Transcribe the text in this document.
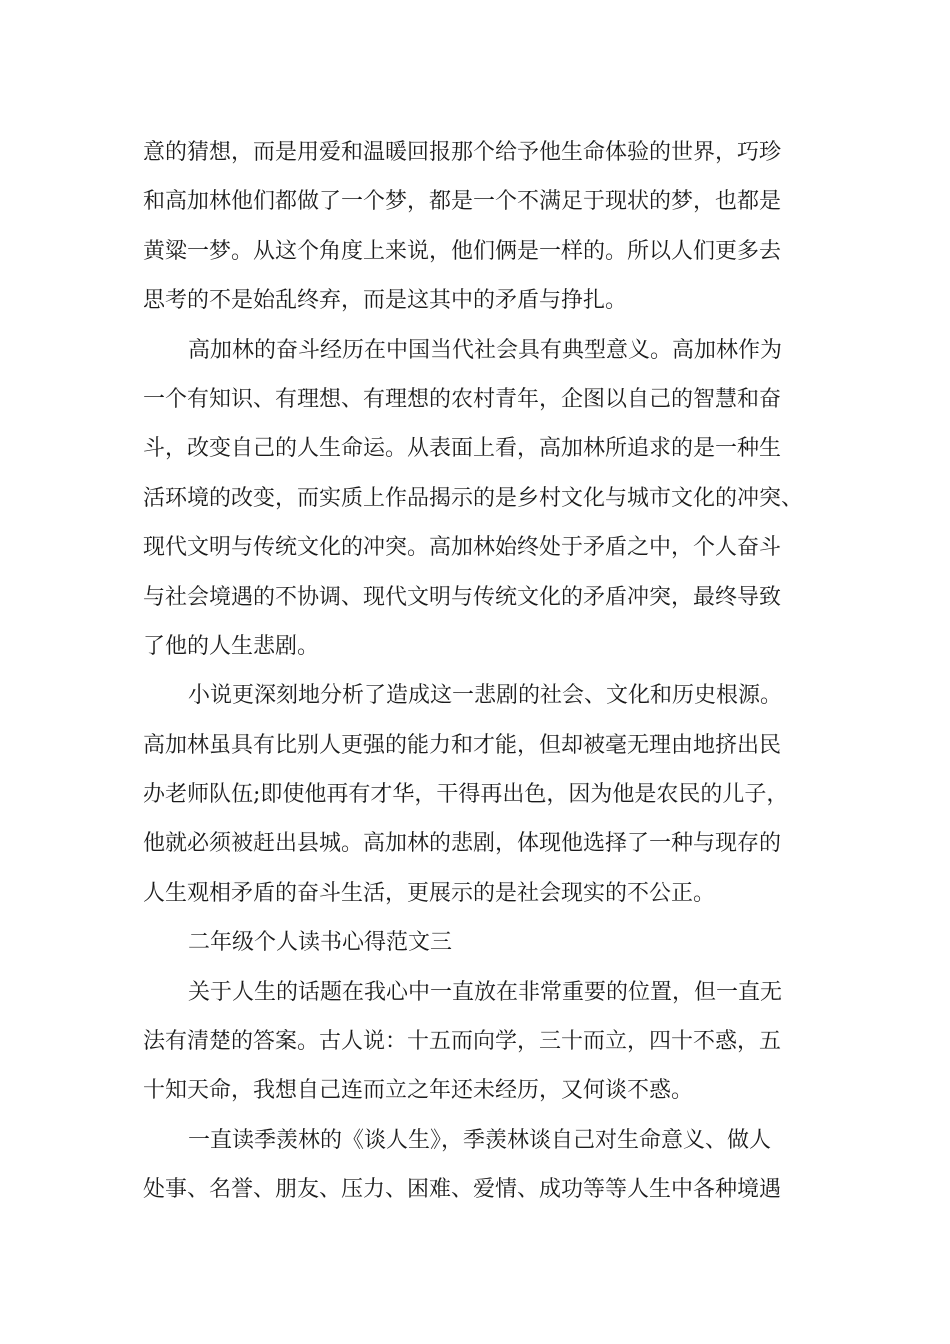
意的猜想，而是用爱和温暖回报那个给予他生命体验的世界，巧珍
和高加林他们都做了一个梦，都是一个不满足于现状的梦，也都是
黄粱一梦。从这个角度上来说，他们俩是一样的。所以人们更多去
思考的不是始乱终弃，而是这其中的矛盾与挣扎。
高加林的奋斗经历在中国当代社会具有典型意义。高加林作为
一个有知识、有理想、有理想的农村青年，企图以自己的智慧和奋
斗，改变自己的人生命运。从表面上看，高加林所追求的是一种生
活环境的改变，而实质上作品揭示的是乡村文化与城市文化的冲突、
现代文明与传统文化的冲突。高加林始终处于矛盾之中，个人奋斗
与社会境遇的不协调、现代文明与传统文化的矛盾冲突，最终导致
了他的人生悲剧。
小说更深刻地分析了造成这一悲剧的社会、文化和历史根源。
高加林虽具有比别人更强的能力和才能，但却被毫无理由地挤出民
办老师队伍;即使他再有才华，干得再出色，因为他是农民的儿子，
他就必须被赶出县城。高加林的悲剧，体现他选择了一种与现存的
人生观相矛盾的奋斗生活，更展示的是社会现实的不公正。
二年级个人读书心得范文三
关于人生的话题在我心中一直放在非常重要的位置，但一直无
法有清楚的答案。古人说：十五而向学，三十而立，四十不惑，五
十知天命，我想自己连而立之年还未经历，又何谈不惑。
一直读季羡林的《谈人生》，季羡林谈自己对生命意义、做人
处事、名誉、朋友、压力、困难、爱情、成功等等人生中各种境遇
